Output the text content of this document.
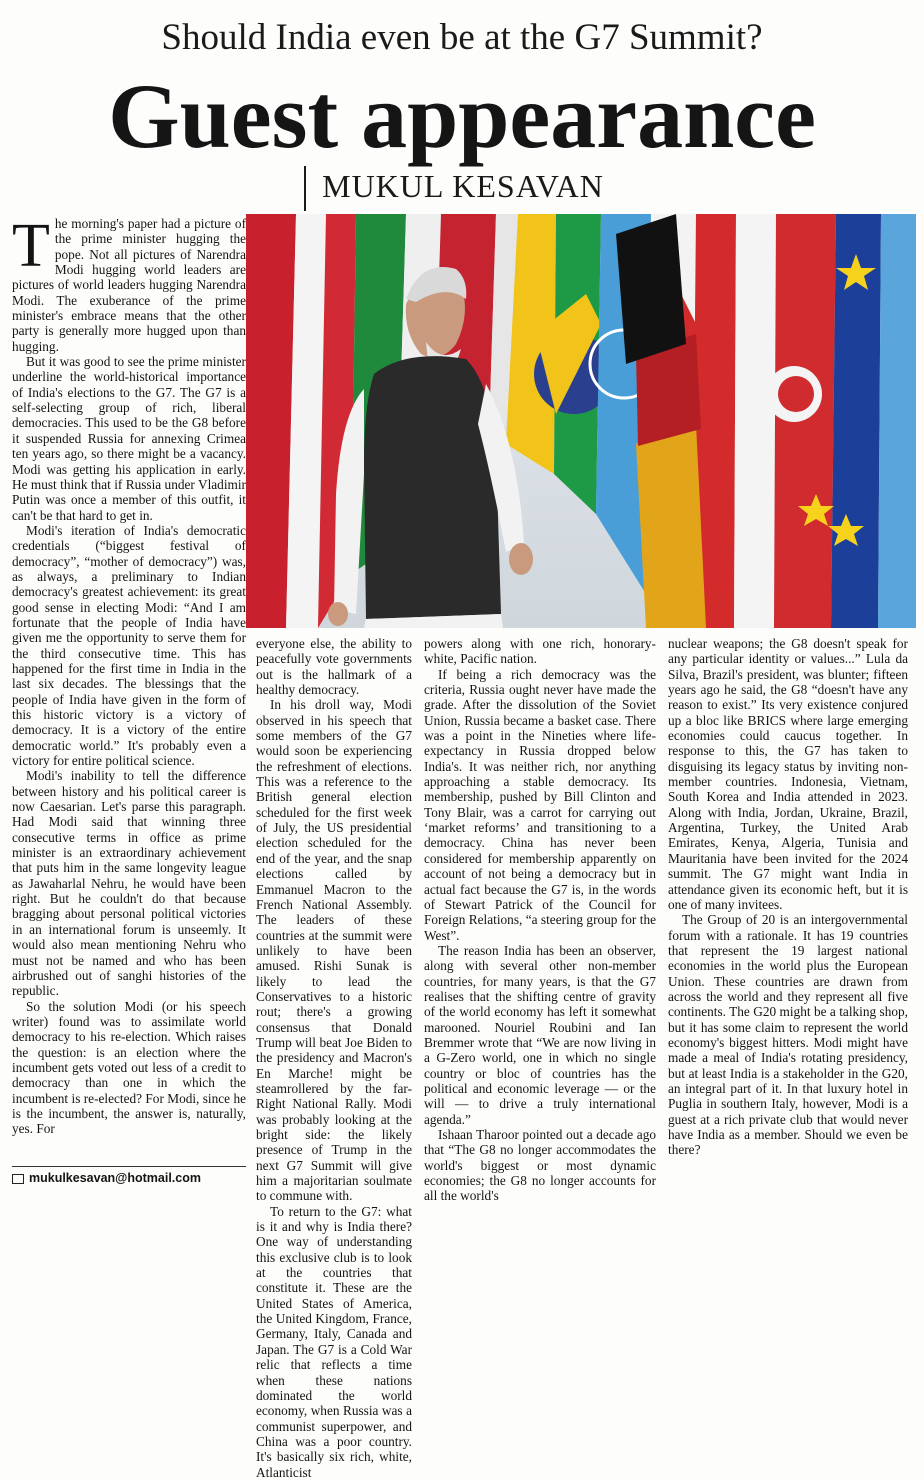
Should India even be at the G7 Summit?
Guest appearance
MUKUL KESAVAN

The morning's paper had a picture of the prime minister hugging the pope. Not all pictures of Narendra Modi hugging world leaders are pictures of world leaders hugging Narendra Modi. The exuberance of the prime minister's embrace means that the other party is generally more hugged upon than hugging.

But it was good to see the prime minister underline the world-historical importance of India's elections to the G7. The G7 is a self-selecting group of rich, liberal democracies. This used to be the G8 before it suspended Russia for annexing Crimea ten years ago, so there might be a vacancy. Modi was getting his application in early. He must think that if Russia under Vladimir Putin was once a member of this outfit, it can't be that hard to get in.

Modi's iteration of India's democratic credentials (“biggest festival of democracy”, “mother of democracy”) was, as always, a preliminary to Indian democracy's greatest achievement: its great good sense in electing Modi: “And I am fortunate that the people of India have given me the opportunity to serve them for the third consecutive time. This has happened for the first time in India in the last six decades. The blessings that the people of India have given in the form of this historic victory is a victory of democracy. It is a victory of the entire democratic world.” It's probably even a victory for entire political science.

Modi's inability to tell the difference between history and his political career is now Caesarian. Let's parse this paragraph. Had Modi said that winning three consecutive terms in office as prime minister is an extraordinary achievement that puts him in the same longevity league as Jawaharlal Nehru, he would have been right. But he couldn't do that because bragging about personal political victories in an international forum is unseemly. It would also mean mentioning Nehru who must not be named and who has been airbrushed out of sanghi histories of the republic.

So the solution Modi (or his speech writer) found was to assimilate world democracy to his re-election. Which raises the question: is an election where the incumbent gets voted out less of a credit to democracy than one in which the incumbent is re-elected? For Modi, since he is the incumbent, the answer is, naturally, yes. For

mukulkesavan@hotmail.com

everyone else, the ability to peacefully vote governments out is the hallmark of a healthy democracy.

In his droll way, Modi observed in his speech that some members of the G7 would soon be experiencing the refreshment of elections. This was a reference to the British general election scheduled for the first week of July, the US presidential election scheduled for the end of the year, and the snap elections called by Emmanuel Macron to the French National Assembly. The leaders of these countries at the summit were unlikely to have been amused. Rishi Sunak is likely to lead the Conservatives to a historic rout; there's a growing consensus that Donald Trump will beat Joe Biden to the presidency and Macron's En Marche! might be steamrollered by the far-Right National Rally. Modi was probably looking at the bright side: the likely presence of Trump in the next G7 Summit will give him a majoritarian soulmate to commune with.

To return to the G7: what is it and why is India there? One way of understanding this exclusive club is to look at the countries that constitute it. These are the United States of America, the United Kingdom, France, Germany, Italy, Canada and Japan. The G7 is a Cold War relic that reflects a time when these nations dominated the world economy, when Russia was a communist superpower, and China was a poor country. It's basically six rich, white, Atlanticist

powers along with one rich, honorary-white, Pacific nation.

If being a rich democracy was the criteria, Russia ought never have made the grade. After the dissolution of the Soviet Union, Russia became a basket case. There was a point in the Nineties where life-expectancy in Russia dropped below India's. It was neither rich, nor anything approaching a stable democracy. Its membership, pushed by Bill Clinton and Tony Blair, was a carrot for carrying out ‘market reforms’ and transitioning to a democracy. China has never been considered for membership apparently on account of not being a democracy but in actual fact because the G7 is, in the words of Stewart Patrick of the Council for Foreign Relations, “a steering group for the West”.

The reason India has been an observer, along with several other non-member countries, for many years, is that the G7 realises that the shifting centre of gravity of the world economy has left it somewhat marooned. Nouriel Roubini and Ian Bremmer wrote that “We are now living in a G-Zero world, one in which no single country or bloc of countries has the political and economic leverage — or the will — to drive a truly international agenda.”

Ishaan Tharoor pointed out a decade ago that “The G8 no longer accommodates the world's biggest or most dynamic economies; the G8 no longer accounts for all the world's

nuclear weapons; the G8 doesn't speak for any particular identity or values...” Lula da Silva, Brazil's president, was blunter; fifteen years ago he said, the G8 “doesn't have any reason to exist.” Its very existence conjured up a bloc like BRICS where large emerging economies could caucus together. In response to this, the G7 has taken to disguising its legacy status by inviting non-member countries. Indonesia, Vietnam, South Korea and India attended in 2023. Along with India, Jordan, Ukraine, Brazil, Argentina, Turkey, the United Arab Emirates, Kenya, Algeria, Tunisia and Mauritania have been invited for the 2024 summit. The G7 might want India in attendance given its economic heft, but it is one of many invitees.

The Group of 20 is an intergovernmental forum with a rationale. It has 19 countries that represent the 19 largest national economies in the world plus the European Union. These countries are drawn from across the world and they represent all five continents. The G20 might be a talking shop, but it has some claim to represent the world economy's biggest hitters. Modi might have made a meal of India's rotating presidency, but at least India is a stakeholder in the G20, an integral part of it. In that luxury hotel in Puglia in southern Italy, however, Modi is a guest at a rich private club that would never have India as a member. Should we even be there?
